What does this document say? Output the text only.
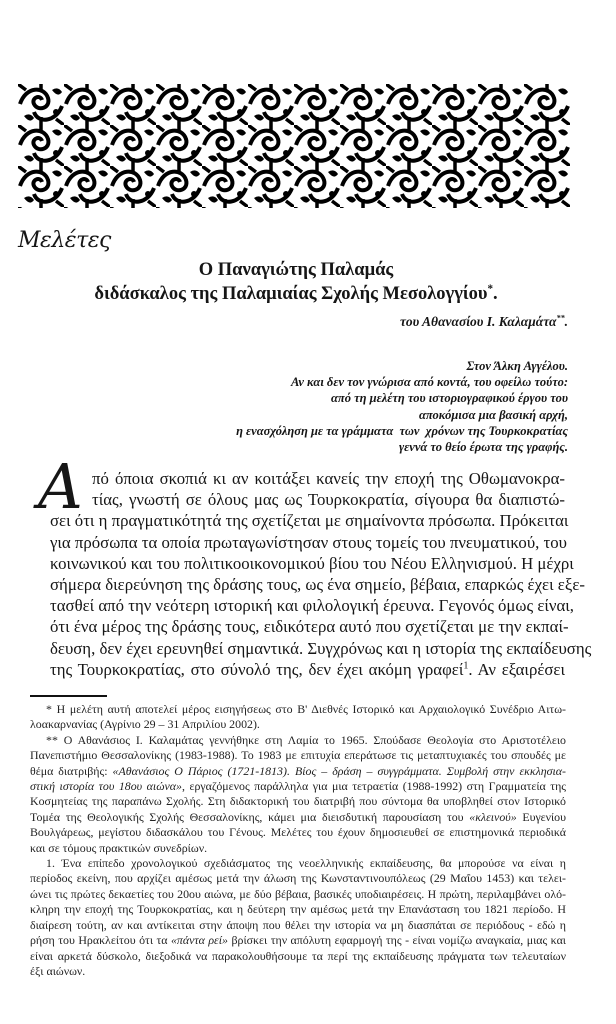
Μελέτες
Ο Παναγιώτης Παλαμάς
διδάσκαλος της Παλαμιαίας Σχολής Μεσολογγίου*.
του Αθανασίου Ι. Καλαμάτα**.
Στον Άλκη Αγγέλου.
Αν και δεν τον γνώρισα από κοντά, του οφείλω τούτο:
από τη μελέτη του ιστοριογραφικού έργου του
αποκόμισα μια βασική αρχή,
η ενασχόληση με τα γράμματα  των  χρόνων της Τουρκοκρατίας
γεννά το θείο έρωτα της γραφής.
Α πό όποια σκοπιά κι αν κοιτάξει κανείς την εποχή της Οθωμανοκρα-
τίας, γνωστή σε όλους μας ως Τουρκοκρατία, σίγουρα θα διαπιστώ-
σει ότι η πραγματικότητά της σχετίζεται με σημαίνοντα πρόσωπα. Πρόκειται
για πρόσωπα τα οποία πρωταγωνίστησαν στους τομείς του πνευματικού, του
κοινωνικού και του πολιτικοοικονομικού βίου του Νέου Ελληνισμού. Η μέχρι
σήμερα διερεύνηση της δράσης τους, ως ένα σημείο, βέβαια, επαρκώς έχει εξε-
τασθεί από την νεότερη ιστορική και φιλολογική έρευνα. Γεγονός όμως είναι,
ότι ένα μέρος της δράσης τους, ειδικότερα αυτό που σχετίζεται με την εκπαί-
δευση, δεν έχει ερευνηθεί σημαντικά. Συγχρόνως και η ιστορία της εκπαίδευσης
της Τουρκοκρατίας, στο σύνολό της, δεν έχει ακόμη γραφεί$^1$. Αν εξαιρέσει
* Η μελέτη αυτή αποτελεί μέρος εισηγήσεως στο Β' Διεθνές Ιστορικό και Αρχαιολογικό Συνέδριο Αιτω-
λοακαρνανίας (Αγρίνιο 29 – 31 Απριλίου 2002).
** Ο Αθανάσιος Ι. Καλαμάτας γεννήθηκε στη Λαμία το 1965. Σπούδασε Θεολογία στο Αριστοτέλειο
Πανεπιστήμιο Θεσσαλονίκης (1983-1988). Το 1983 με επιτυχία επεράτωσε τις μεταπτυχιακές του σπουδές με
θέμα διατριβής: «Αθανάσιος Ο Πάριος (1721-1813). Βίος – δράση – συγγράμματα. Συμβολή στην εκκλησια-
στική ιστορία του 18ου αιώνα», εργαζόμενος παράλληλα για μια τετραετία (1988-1992) στη Γραμματεία της
Κοσμητείας της παραπάνω Σχολής. Στη διδακτορική του διατριβή που σύντομα θα υποβληθεί στον Ιστορικό
Τομέα της Θεολογικής Σχολής Θεσσαλονίκης, κάμει μια διεισδυτική παρουσίαση του «κλεινού» Ευγενίου
Βουλγάρεως, μεγίστου διδασκάλου του Γένους. Μελέτες του έχουν δημοσιευθεί σε επιστημονικά περιοδικά
και σε τόμους πρακτικών συνεδρίων.
1. Ένα επίπεδο χρονολογικού σχεδιάσματος της νεοελληνικής εκπαίδευσης, θα μπορούσε να είναι η
περίοδος εκείνη, που αρχίζει αμέσως μετά την άλωση της Κωνσταντινουπόλεως (29 Μαΐου 1453) και τελει-
ώνει τις πρώτες δεκαετίες του 20ου αιώνα, με δύο βέβαια, βασικές υποδιαιρέσεις. Η πρώτη, περιλαμβάνει ολό-
κληρη την εποχή της Τουρκοκρατίας, και η δεύτερη την αμέσως μετά την Επανάσταση του 1821 περίοδο. Η
διαίρεση τούτη, αν και αντίκειται στην άποψη που θέλει την ιστορία να μη διασπάται σε περιόδους - εδώ η
ρήση του Ηρακλείτου ότι τα «πάντα ρεί» βρίσκει την απόλυτη εφαρμογή της - είναι νομίζω αναγκαία, μιας και
είναι αρκετά δύσκολο, διεξοδικά να παρακολουθήσουμε τα περί της εκπαίδευσης πράγματα των τελευταίων
έξι αιώνων.
